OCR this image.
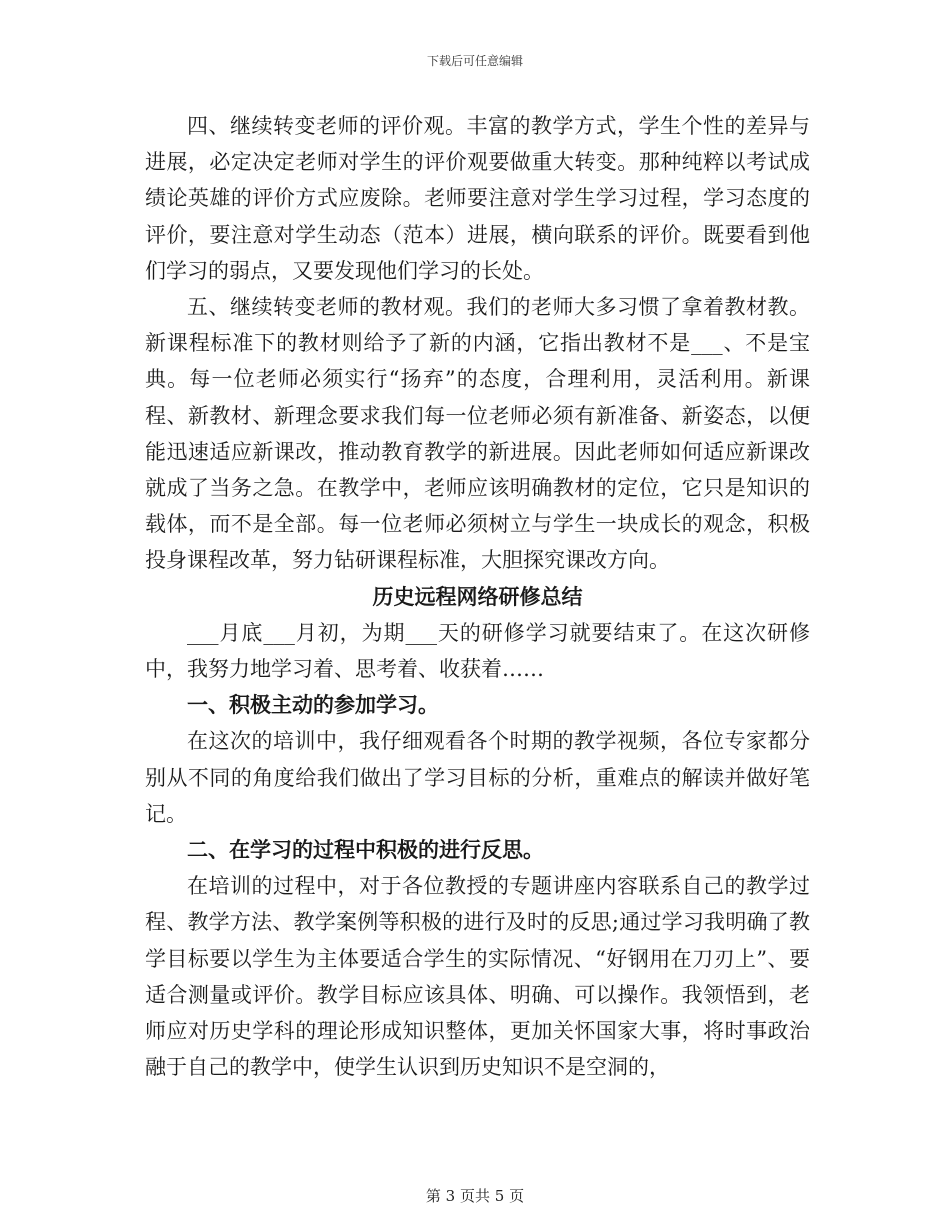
下载后可任意编辑

四、继续转变老师的评价观。丰富的教学方式，学生个性的差异与进展，必定决定老师对学生的评价观要做重大转变。那种纯粹以考试成绩论英雄的评价方式应废除。老师要注意对学生学习过程，学习态度的评价，要注意对学生动态（范本）进展，横向联系的评价。既要看到他们学习的弱点，又要发现他们学习的长处。

五、继续转变老师的教材观。我们的老师大多习惯了拿着教材教。新课程标准下的教材则给予了新的内涵，它指出教材不是___、不是宝典。每一位老师必须实行“扬弃”的态度，合理利用，灵活利用。新课程、新教材、新理念要求我们每一位老师必须有新准备、新姿态，以便能迅速适应新课改，推动教育教学的新进展。因此老师如何适应新课改就成了当务之急。在教学中，老师应该明确教材的定位，它只是知识的载体，而不是全部。每一位老师必须树立与学生一块成长的观念，积极投身课程改革，努力钻研课程标准，大胆探究课改方向。

历史远程网络研修总结

___月底___月初，为期___天的研修学习就要结束了。在这次研修中，我努力地学习着、思考着、收获着……

一、积极主动的参加学习。

在这次的培训中，我仔细观看各个时期的教学视频，各位专家都分别从不同的角度给我们做出了学习目标的分析，重难点的解读并做好笔记。

二、在学习的过程中积极的进行反思。

在培训的过程中，对于各位教授的专题讲座内容联系自己的教学过程、教学方法、教学案例等积极的进行及时的反思;通过学习我明确了教学目标要以学生为主体要适合学生的实际情况、“好钢用在刀刃上”、要适合测量或评价。教学目标应该具体、明确、可以操作。我领悟到，老师应对历史学科的理论形成知识整体，更加关怀国家大事，将时事政治融于自己的教学中，使学生认识到历史知识不是空洞的，

第 3 页共 5 页
